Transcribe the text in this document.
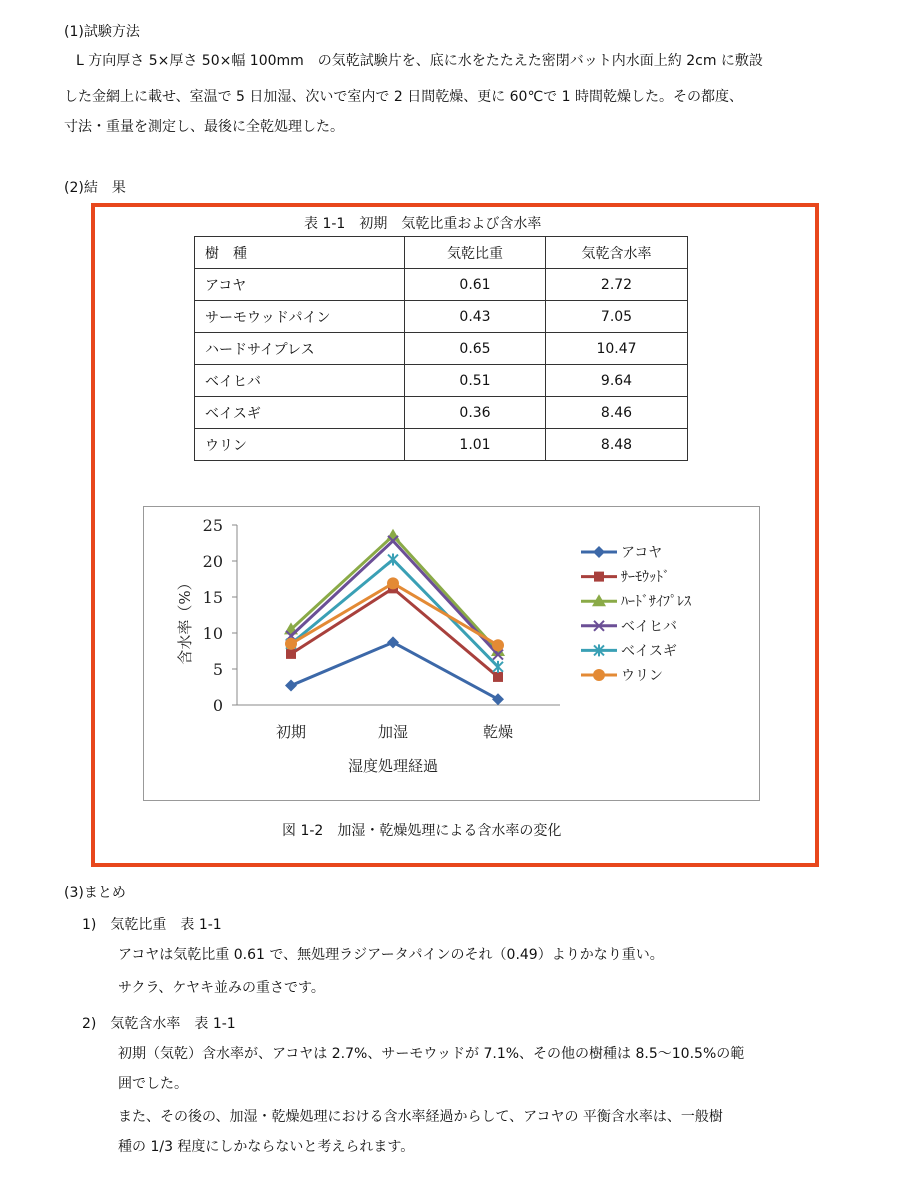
(1)試験方法
L 方向厚さ 5×厚さ 50×幅 100mm　の気乾試験片を、底に水をたたえた密閉バット内水面上約 2cm に敷設
した金網上に載せ、室温で 5 日加湿、次いで室内で 2 日間乾燥、更に 60℃で 1 時間乾燥した。その都度、
寸法・重量を測定し、最後に全乾処理した。
(2)結　果
表 1-1　初期　気乾比重および含水率
樹　種	気乾比重	気乾含水率
アコヤ	0.61	2.72
サーモウッドパイン	0.43	7.05
ハードサイプレス	0.65	10.47
ベイヒバ	0.51	9.64
ベイスギ	0.36	8.46
ウリン	1.01	8.48
0
5
10
15
20
25
初期	加湿	乾燥
湿度処理経過
含水率（%）
アコヤ
ｻｰﾓｳｯﾄﾞ
ﾊｰﾄﾞｻｲﾌﾟﾚｽ
ベイヒバ
ベイスギ
ウリン
図 1-2　加湿・乾燥処理による含水率の変化
(3)まとめ
1)　気乾比重　表 1-1
アコヤは気乾比重 0.61 で、無処理ラジアータパインのそれ（0.49）よりかなり重い。
サクラ、ケヤキ並みの重さです。
2)　気乾含水率　表 1-1
初期（気乾）含水率が、アコヤは 2.7%、サーモウッドが 7.1%、その他の樹種は 8.5～10.5%の範
囲でした。
また、その後の、加湿・乾燥処理における含水率経過からして、アコヤの 平衡含水率は、一般樹
種の 1/3 程度にしかならないと考えられます。
